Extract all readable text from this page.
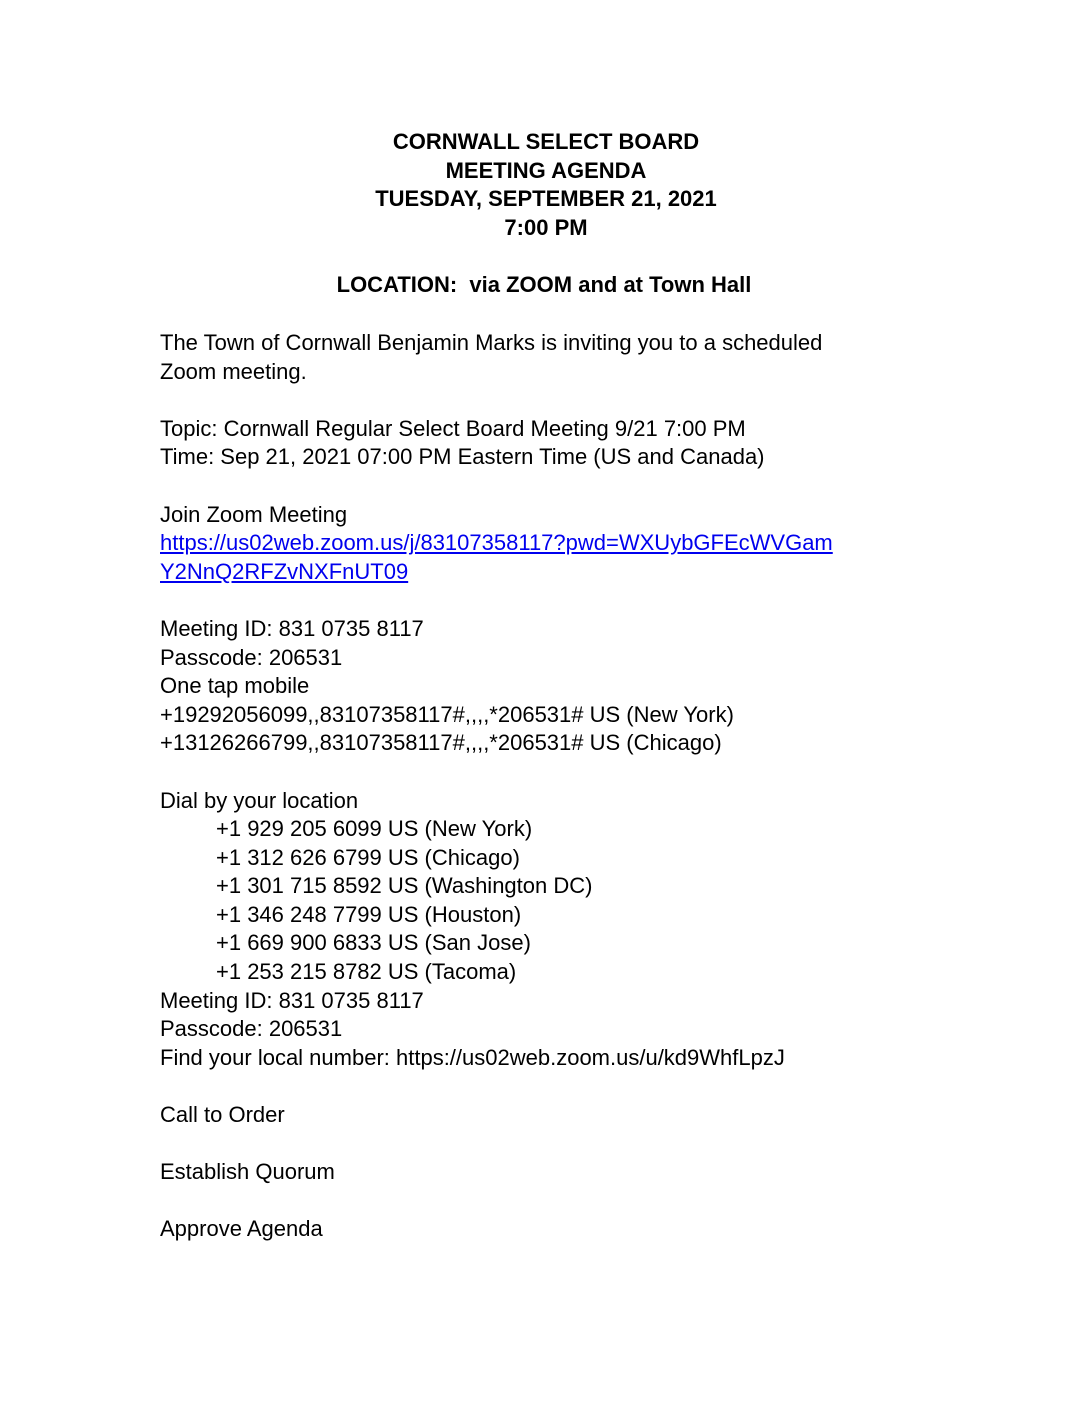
CORNWALL SELECT BOARD
MEETING AGENDA
TUESDAY, SEPTEMBER 21, 2021
7:00 PM
LOCATION:  via ZOOM and at Town Hall
The Town of Cornwall Benjamin Marks is inviting you to a scheduled
Zoom meeting.
Topic: Cornwall Regular Select Board Meeting 9/21 7:00 PM
Time: Sep 21, 2021 07:00 PM Eastern Time (US and Canada)
Join Zoom Meeting
https://us02web.zoom.us/j/83107358117?pwd=WXUybGFEcWVGam
Y2NnQ2RFZvNXFnUT09
Meeting ID: 831 0735 8117
Passcode: 206531
One tap mobile
+19292056099,,83107358117#,,,,*206531# US (New York)
+13126266799,,83107358117#,,,,*206531# US (Chicago)
Dial by your location
+1 929 205 6099 US (New York)
+1 312 626 6799 US (Chicago)
+1 301 715 8592 US (Washington DC)
+1 346 248 7799 US (Houston)
+1 669 900 6833 US (San Jose)
+1 253 215 8782 US (Tacoma)
Meeting ID: 831 0735 8117
Passcode: 206531
Find your local number: https://us02web.zoom.us/u/kd9WhfLpzJ
Call to Order
Establish Quorum
Approve Agenda
